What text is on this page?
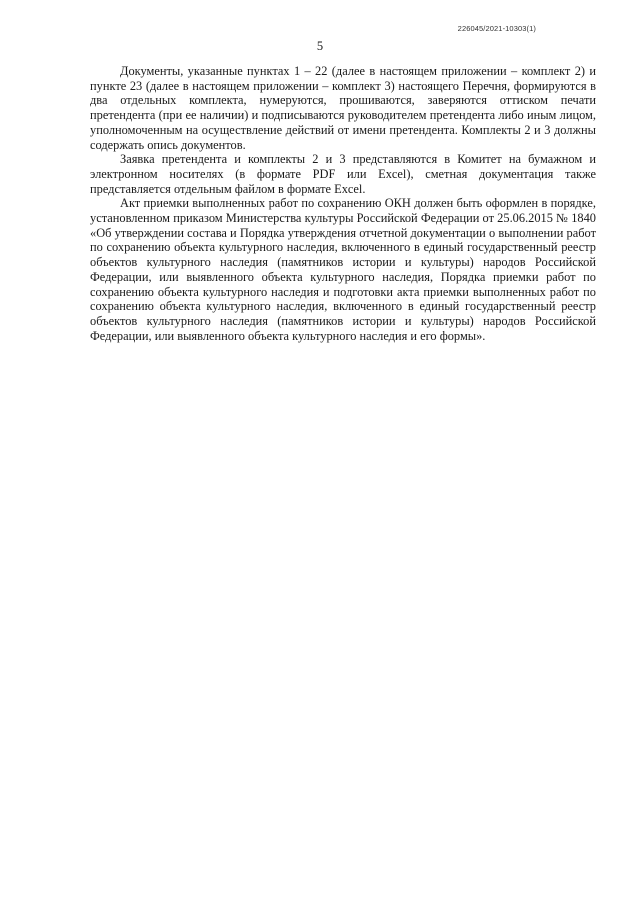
226045/2021-10303(1)
5

Документы, указанные пунктах 1 – 22 (далее в настоящем приложении – комплект 2) и пункте 23 (далее в настоящем приложении – комплект 3) настоящего Перечня, формируются в два отдельных комплекта, нумеруются, прошиваются, заверяются оттиском печати претендента (при ее наличии) и подписываются руководителем претендента либо иным лицом, уполномоченным на осуществление действий от имени претендента. Комплекты 2 и 3 должны содержать опись документов.

Заявка претендента и комплекты 2 и 3 представляются в Комитет на бумажном и электронном носителях (в формате PDF или Excel), сметная документация также представляется отдельным файлом в формате Excel.

Акт приемки выполненных работ по сохранению ОКН должен быть оформлен в порядке, установленном приказом Министерства культуры Российской Федерации от 25.06.2015 № 1840 «Об утверждении состава и Порядка утверждения отчетной документации о выполнении работ по сохранению объекта культурного наследия, включенного в единый государственный реестр объектов культурного наследия (памятников истории и культуры) народов Российской Федерации, или выявленного объекта культурного наследия, Порядка приемки работ по сохранению объекта культурного наследия и подготовки акта приемки выполненных работ по сохранению объекта культурного наследия, включенного в единый государственный реестр объектов культурного наследия (памятников истории и культуры) народов Российской Федерации, или выявленного объекта культурного наследия и его формы».
